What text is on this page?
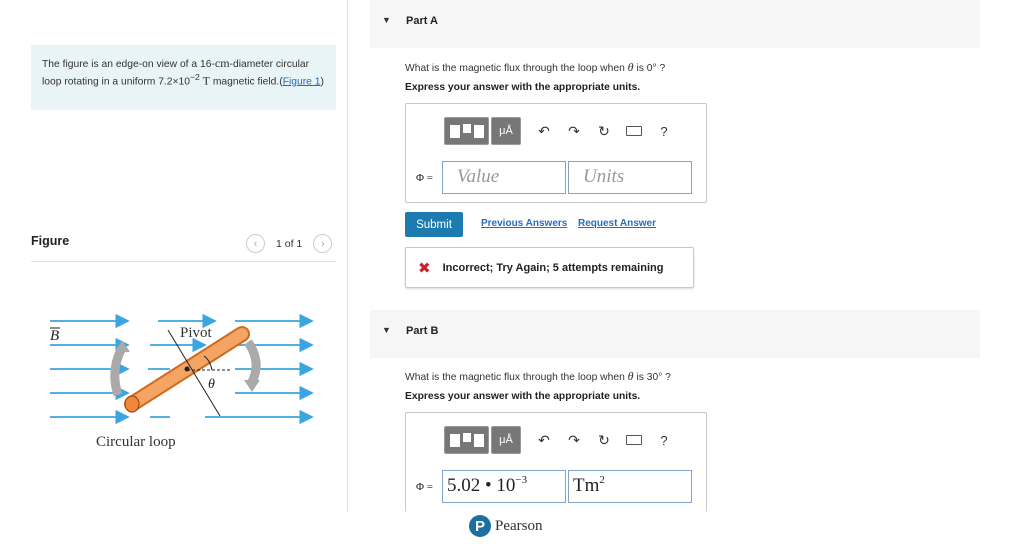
The figure is an edge-on view of a 16-cm-diameter circular loop rotating in a uniform $7.2\times 10^{-2}$ T magnetic field.(Figure 1)
Figure	‹	1 of 1	›
B	Pivot
θ
Circular loop
▼ Part A
What is the magnetic flux through the loop when θ is 0° ?
Express your answer with the appropriate units.
μÅ	↶	↷	↻	?
Φ =	Value	Units
Submit	Previous Answers Request Answer
✖ Incorrect; Try Again; 5 attempts remaining
▼ Part B
What is the magnetic flux through the loop when θ is 30° ?
Express your answer with the appropriate units.
μÅ	↶	↷	↻	?
Φ = 5.02 • $10^{-3}$	Tm$^2$
P Pearson
